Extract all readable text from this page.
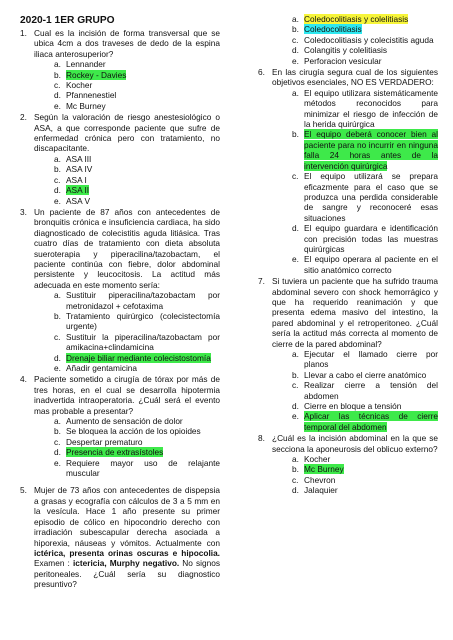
2020-1 1ER GRUPO
1. Cual es la incisión de forma transversal que se ubica 4cm a dos traveses de dedo de la espina iliaca anterosuperior?
a. Lennander
b. Rockey - Davies
c. Kocher
d. Pfannenestiel
e. Mc Burney
2. Según la valoración de riesgo anestesiológico o ASA, a que corresponde paciente que sufre de enfermedad crónica pero con tratamiento, no discapacitante.
a. ASA III
b. ASA IV
c. ASA I
d. ASA II
e. ASA V
3. Un paciente de 87 años con antecedentes de bronquitis crónica e insuficiencia cardiaca, ha sido diagnosticado de colecistitis aguda litiásica. Tras cuatro días de tratamiento con dieta absoluta sueroterapia y piperacilina/tazobactam, el paciente continúa con fiebre, dolor abdominal persistente y leucocitosis. La actitud más adecuada en este momento sería:
a. Sustituir piperacilina/tazobactam por metronidazol + cefotaxima
b. Tratamiento quirúrgico (colecistectomía urgente)
c. Sustituir la piperacilina/tazobactam por amikacina+clindamicina
d. Drenaje biliar mediante colecistostomía
e. Añadir gentamicina
4. Paciente sometido a cirugía de tórax por más de tres horas, en el cual se desarrolla hipotermia inadvertida intraoperatoria. ¿Cuál será el evento mas probable a presentar?
a. Aumento de sensación de dolor
b. Se bloquea la acción de los opioides
c. Despertar prematuro
d. Presencia de extrasístoles
e. Requiere mayor uso de relajante muscular
5. Mujer de 73 años con antecedentes de dispepsia a grasas y ecografía con cálculos de 3 a 5 mm en la vesícula. Hace 1 año presente su primer episodio de cólico en hipocondrio derecho con irradiación subescapular derecha asociada a hiporexia, náuseas y vómitos. Actualmente con ictérica, presenta orinas oscuras e hipocolia. Examen : ictericia, Murphy negativo. No signos peritoneales. ¿Cuál sería su diagnostico presuntivo?
a. Coledocolitiasis y colelitiasis
b. Coledocolitiasis
c. Coledocolitiasis y colecistitis aguda
d. Colangitis y colelitiasis
e. Perforacion vesicular
6. En las cirugía segura cual de los siguientes objetivos esenciales, NO ES VERDADERO:
a. El equipo utilizara sistemáticamente métodos reconocidos para minimizar el riesgo de infección de la herida quirúrgica
b. El equipo deberá conocer bien al paciente para no incurrir en ninguna falla 24 horas antes de la intervención quirúrgica
c. El equipo utilizará se prepara eficazmente para el caso que se produzca una perdida considerable de sangre y reconoceré esas situaciones
d. El equipo guardara e identificación con precisión todas las muestras quirúrgicas
e. El equipo operara al paciente en el sitio anatómico correcto
7. Si tuviera un paciente que ha sufrido trauma abdominal severo con shock hemorrágico y que ha requerido reanimación y que presenta edema masivo del intestino, la pared abdominal y el retroperitoneo. ¿Cuál sería la actitud más correcta al momento de cierre de la pared abdominal?
a. Ejecutar el llamado cierre por planos
b. Llevar a cabo el cierre anatómico
c. Realizar cierre a tensión del abdomen
d. Cierre en bloque a tensión
e. Aplicar las técnicas de cierre temporal del abdomen
8. ¿Cuál es la incisión abdominal en la que se secciona la aponeurosis del oblicuo externo?
a. Kocher
b. Mc Burney
c. Chevron
d. Jalaquier
